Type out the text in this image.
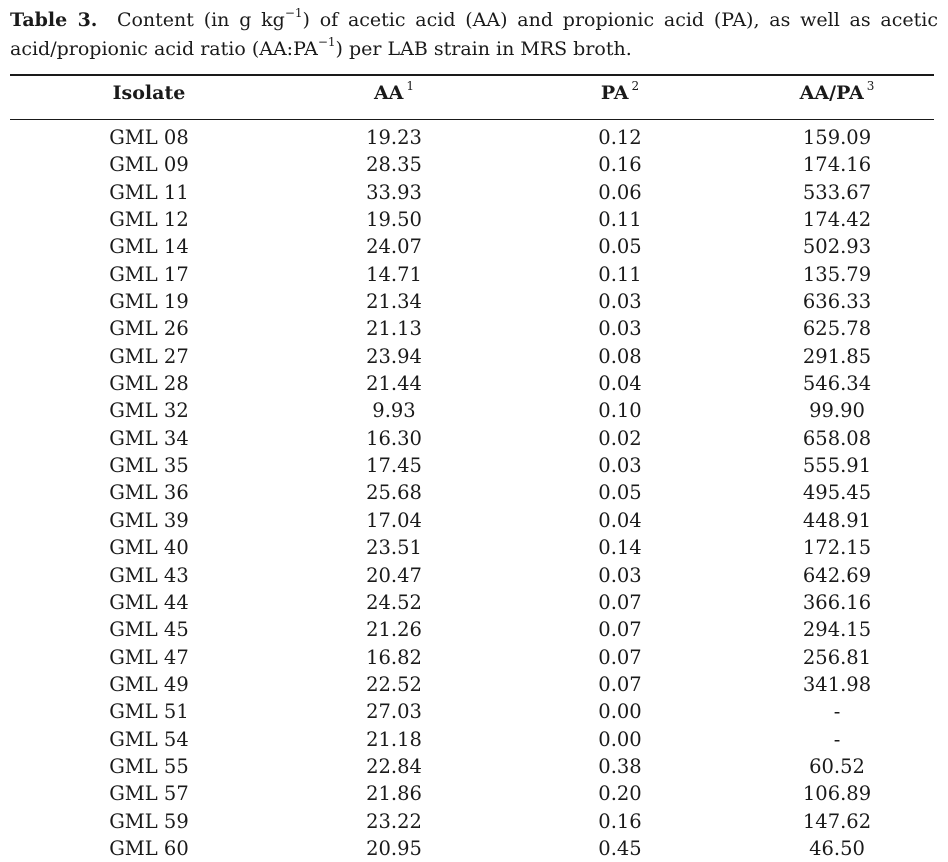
Table 3. Content (in g $kg^{-1}$) of acetic acid (AA) and propionic acid (PA), as well as acetic acid/propionic acid ratio $(AA:PA^{-1})$ per LAB strain in MRS broth.
Isolate	AA $^1$	PA $^2$	AA/PA $^3$
GML 08	19.23	0.12	159.09
GML 09	28.35	0.16	174.16
GML 11	33.93	0.06	533.67
GML 12	19.50	0.11	174.42
GML 14	24.07	0.05	502.93
GML 17	14.71	0.11	135.79
GML 19	21.34	0.03	636.33
GML 26	21.13	0.03	625.78
GML 27	23.94	0.08	291.85
GML 28	21.44	0.04	546.34
GML 32	9.93	0.10	99.90
GML 34	16.30	0.02	658.08
GML 35	17.45	0.03	555.91
GML 36	25.68	0.05	495.45
GML 39	17.04	0.04	448.91
GML 40	23.51	0.14	172.15
GML 43	20.47	0.03	642.69
GML 44	24.52	0.07	366.16
GML 45	21.26	0.07	294.15
GML 47	16.82	0.07	256.81
GML 49	22.52	0.07	341.98
GML 51	27.03	0.00	-
GML 54	21.18	0.00	-
GML 55	22.84	0.38	60.52
GML 57	21.86	0.20	106.89
GML 59	23.22	0.16	147.62
GML 60	20.95	0.45	46.50
